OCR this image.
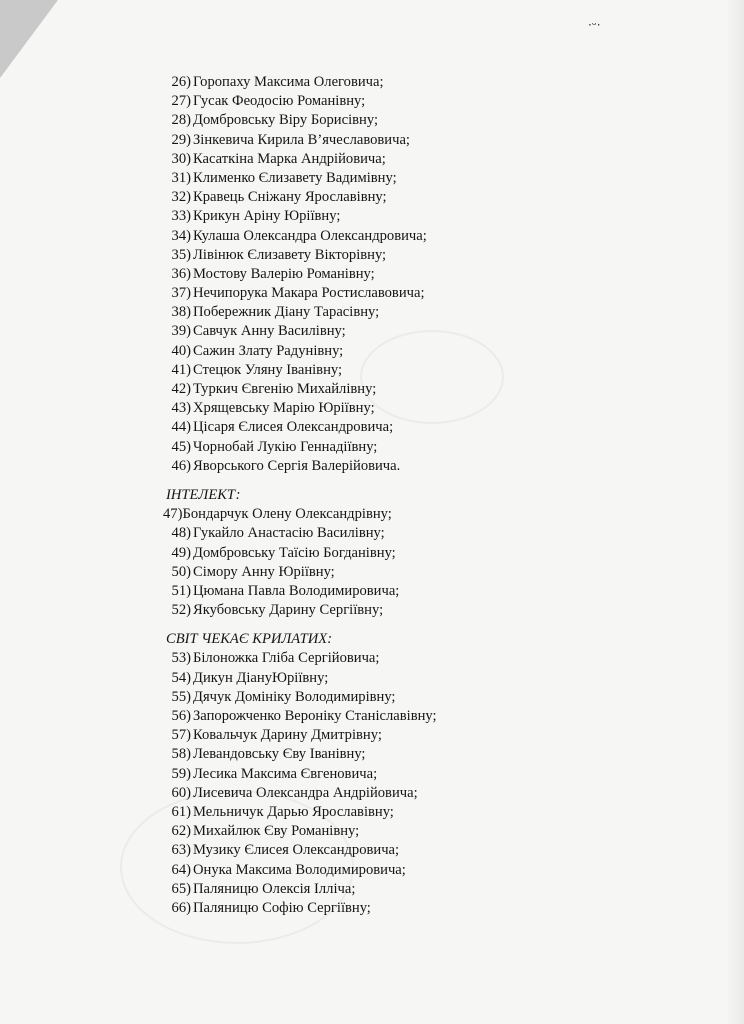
·ᵕ·
26) Горопаху Максима Олеговича;
27) Гусак Феодосію Романівну;
28) Домбровську Віру Борисівну;
29) Зінкевича Кирила В’ячеславовича;
30) Касаткіна Марка Андрійовича;
31) Клименко Єлизавету Вадимівну;
32) Кравець Сніжану Ярославівну;
33) Крикун Аріну Юріївну;
34) Кулаша Олександра Олександровича;
35) Лівінюк Єлизавету Вікторівну;
36) Мостову Валерію Романівну;
37) Нечипорука Макара Ростиславовича;
38) Побережник Діану Тарасівну;
39) Савчук Анну Василівну;
40) Сажин Злату Радунівну;
41) Стецюк Уляну Іванівну;
42) Туркич Євгенію Михайлівну;
43) Хрящевську Марію Юріївну;
44) Цісаря Єлисея Олександровича;
45) Чорнобай Лукію Геннадіївну;
46) Яворського Сергія Валерійовича.
ІНТЕЛЕКТ:
47)Бондарчук Олену Олександрівну;
48) Гукайло Анастасію Василівну;
49) Домбровську Таїсію Богданівну;
50) Сімору Анну Юріївну;
51) Цюмана Павла Володимировича;
52) Якубовську Дарину Сергіївну;
СВІТ ЧЕКАЄ КРИЛАТИХ:
53) Білоножка Гліба Сергійовича;
54) Дикун ДіануЮріївну;
55) Дячук Домініку Володимирівну;
56) Запорожченко Вероніку Станіславівну;
57) Ковальчук Дарину Дмитрівну;
58) Левандовську Єву Іванівну;
59) Лесика Максима Євгеновича;
60) Лисевича Олександра Андрійовича;
61) Мельничук Дарью Ярославівну;
62) Михайлюк Єву Романівну;
63) Музику Єлисея Олександровича;
64) Онука Максима Володимировича;
65) Паляницю Олексія Ілліча;
66) Паляницю Софію Сергіївну;
